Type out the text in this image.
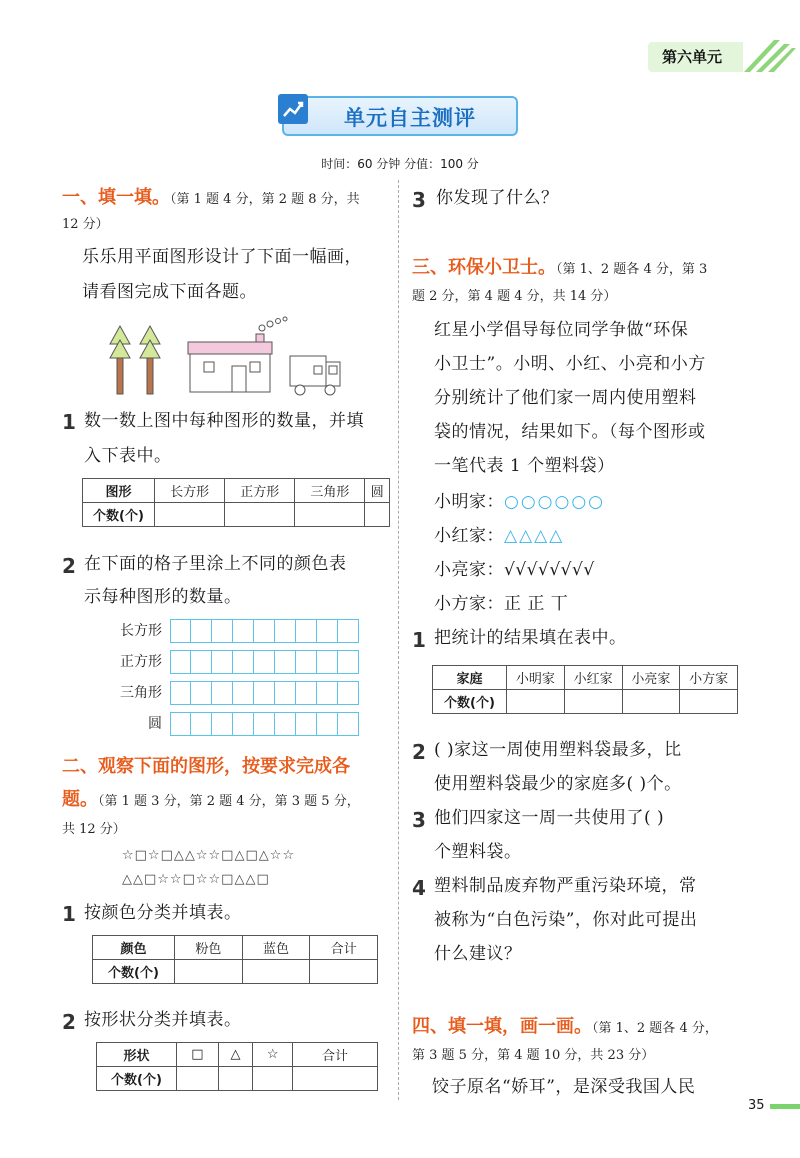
第六单元
单元自主测评
时间：60 分钟 分值：100 分
一、填一填。（第 1 题 4 分，第 2 题 8 分，共
12 分）
乐乐用平面图形设计了下面一幅画，
请看图完成下面各题。
1 数一数上图中每种图形的数量，并填
入下表中。
图形	长方形	正方形	三角形	圆
个数(个)				
2 在下面的格子里涂上不同的颜色表
示每种图形的数量。
长方形
正方形
三角形
圆
二、观察下面的图形，按要求完成各
题。（第 1 题 3 分，第 2 题 4 分，第 3 题 5 分，
共 12 分）
☆□☆□△△☆☆□△□△☆☆
△△□☆☆□☆☆□△△□
1 按颜色分类并填表。
颜色	粉色	蓝色	合计
个数(个)			
2 按形状分类并填表。
形状	□	△	☆	合计
个数(个)				
3 你发现了什么？
三、环保小卫士。（第 1、2 题各 4 分，第 3
题 2 分，第 4 题 4 分，共 14 分）
红星小学倡导每位同学争做“环保
小卫士”。小明、小红、小亮和小方
分别统计了他们家一周内使用塑料
袋的情况，结果如下。（每个图形或
一笔代表 1 个塑料袋）
小明家：○○○○○○
小红家：△△△△
小亮家：√√√√√√√√
小方家：正 正 丅
1 把统计的结果填在表中。
家庭	小明家	小红家	小亮家	小方家
个数(个)				
2 ( )家这一周使用塑料袋最多，比
使用塑料袋最少的家庭多( )个。
3 他们四家这一周一共使用了( )
个塑料袋。
4 塑料制品废弃物严重污染环境，常
被称为“白色污染”，你对此可提出
什么建议？
四、填一填，画一画。（第 1、2 题各 4 分，
第 3 题 5 分，第 4 题 10 分，共 23 分）
饺子原名“娇耳”，是深受我国人民
35
